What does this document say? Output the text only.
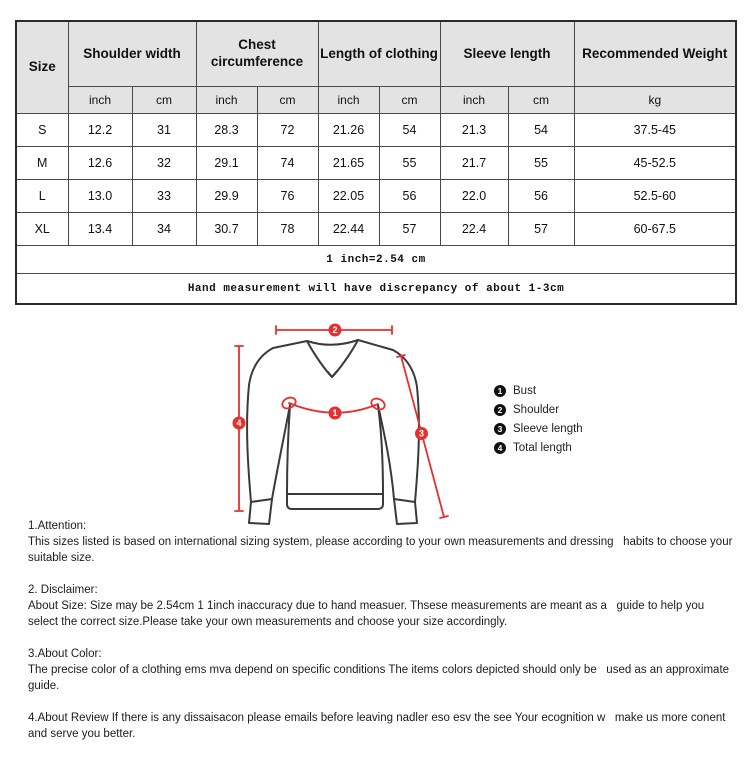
Size	Shoulder width		Chest circumference		Length of clothing		Sleeve length		Recommended Weight
	inch	cm	inch	cm	inch	cm	inch	cm	kg
S	12.2	31	28.3	72	21.26	54	21.3	54	37.5-45
M	12.6	32	29.1	74	21.65	55	21.7	55	45-52.5
L	13.0	33	29.9	76	22.05	56	22.0	56	52.5-60
XL	13.4	34	30.7	78	22.44	57	22.4	57	60-67.5
1 inch=2.54 cm									
Hand measurement will have discrepancy of about 1-3cm									
2
1
4
3
1 Bust
2 Shoulder
3 Sleeve length
4 Total length
1.Attention:
This sizes listed is based on international sizing system, please according to your own measurements and dressing   habits to choose your suitable size.
2. Disclaimer:
About Size: Size may be 2.54cm 1 1inch inaccuracy due to hand measuer. Thsese measurements are meant as a   guide to help you select the correct size.Please take your own measurements and choose your size accordingly.
3.About Color:
The precise color of a clothing ems mva depend on specific conditions The items colors depicted should only be   used as an approximate guide.
4.About Review If there is any dissaisacon please emails before leaving nadler eso esv the see Your ecognition w   make us more conent and serve you better.
